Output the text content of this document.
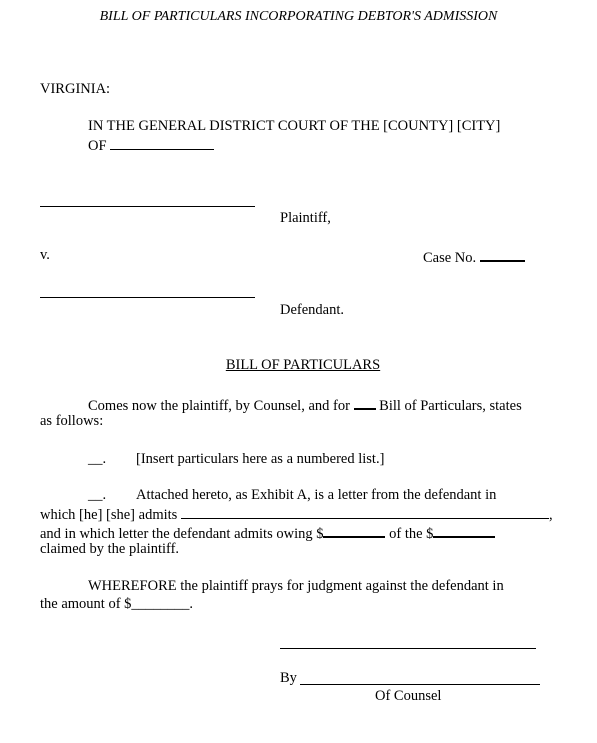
BILL OF PARTICULARS INCORPORATING DEBTOR'S ADMISSION
VIRGINIA:
IN THE GENERAL DISTRICT COURT OF THE [COUNTY] [CITY]
OF
Plaintiff,
v.	Case No.
Defendant.
BILL OF PARTICULARS
Comes now the plaintiff, by Counsel, and for Bill of Particulars, states
as follows:
__. [Insert particulars here as a numbered list.]
__. Attached hereto, as Exhibit A, is a letter from the defendant in
which [he] [she] admits	,
and in which letter the defendant admits owing $	of the $
claimed by the plaintiff.
WHEREFORE the plaintiff prays for judgment against the defendant in
the amount of $________.
By
Of Counsel
